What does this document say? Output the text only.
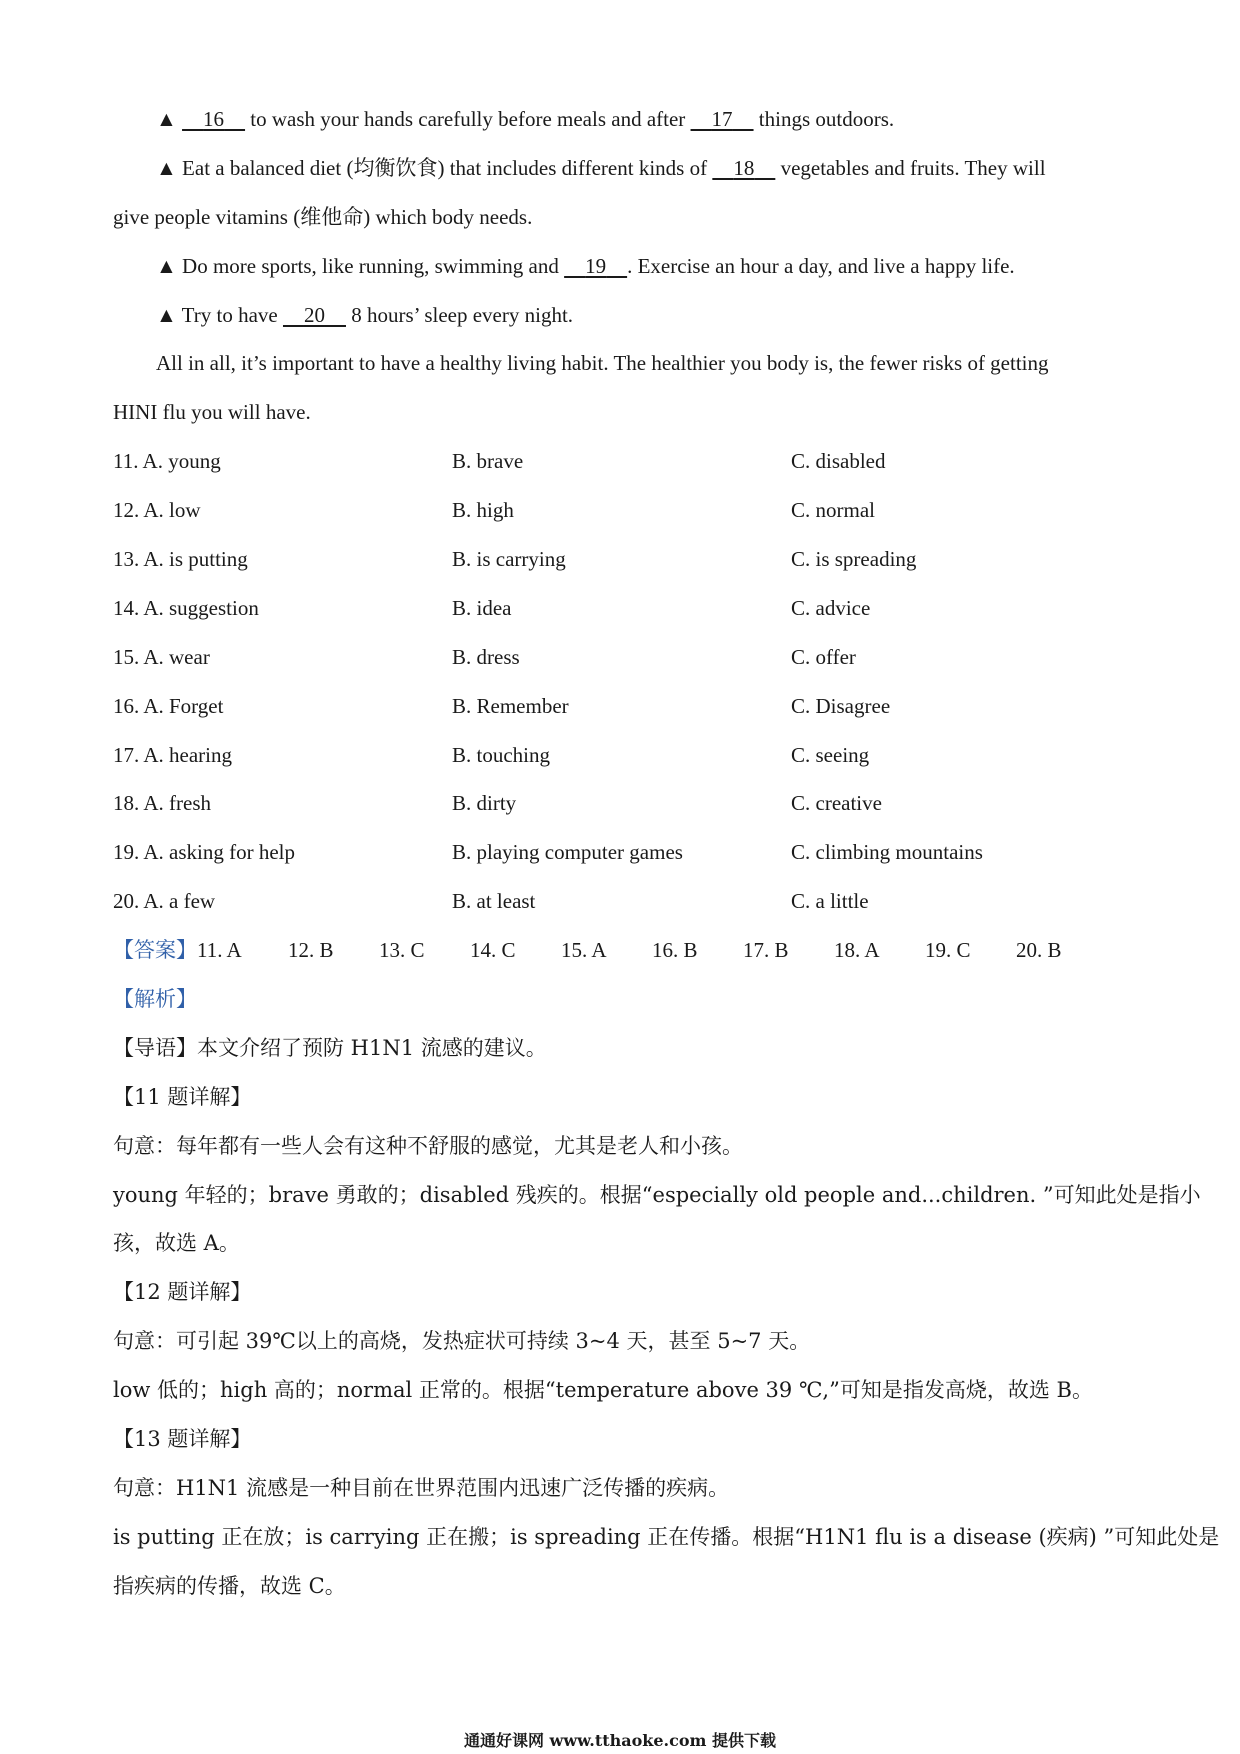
▲ 16 to wash your hands carefully before meals and after 17 things outdoors.
▲ Eat a balanced diet (均衡饮食) that includes different kinds of 18 vegetables and fruits. They will
give people vitamins (维他命) which body needs.
▲ Do more sports, like running, swimming and 19 . Exercise an hour a day, and live a happy life.
▲ Try to have 20 8 hours’ sleep every night.
All in all, it’s important to have a healthy living habit. The healthier you body is, the fewer risks of getting
HINI flu you will have.
11. A. young	B. brave	C. disabled
12. A. low	B. high	C. normal
13. A. is putting	B. is carrying	C. is spreading
14. A. suggestion	B. idea	C. advice
15. A. wear	B. dress	C. offer
16. A. Forget	B. Remember	C. Disagree
17. A. hearing	B. touching	C. seeing
18. A. fresh	B. dirty	C. creative
19. A. asking for help	B. playing computer games	C. climbing mountains
20. A. a few	B. at least	C. a little
【答案】11. A 12. B 13. C 14. C 15. A 16. B 17. B 18. A 19. C 20. B
【解析】
【导语】本文介绍了预防 H1N1 流感的建议。
【11 题详解】
句意：每年都有一些人会有这种不舒服的感觉，尤其是老人和小孩。
young 年轻的；brave 勇敢的；disabled 残疾的。根据“especially old people and...children. ”可知此处是指小
孩，故选 A。
【12 题详解】
句意：可引起 39℃以上的高烧，发热症状可持续 3~4 天，甚至 5~7 天。
low 低的；high 高的；normal 正常的。根据“temperature above 39 ℃,”可知是指发高烧，故选 B。
【13 题详解】
句意：H1N1 流感是一种目前在世界范围内迅速广泛传播的疾病。
is putting 正在放；is carrying 正在搬；is spreading 正在传播。根据“H1N1 flu is a disease (疾病) ”可知此处是
指疾病的传播，故选 C。
通通好课网 www.tthaoke.com 提供下载
